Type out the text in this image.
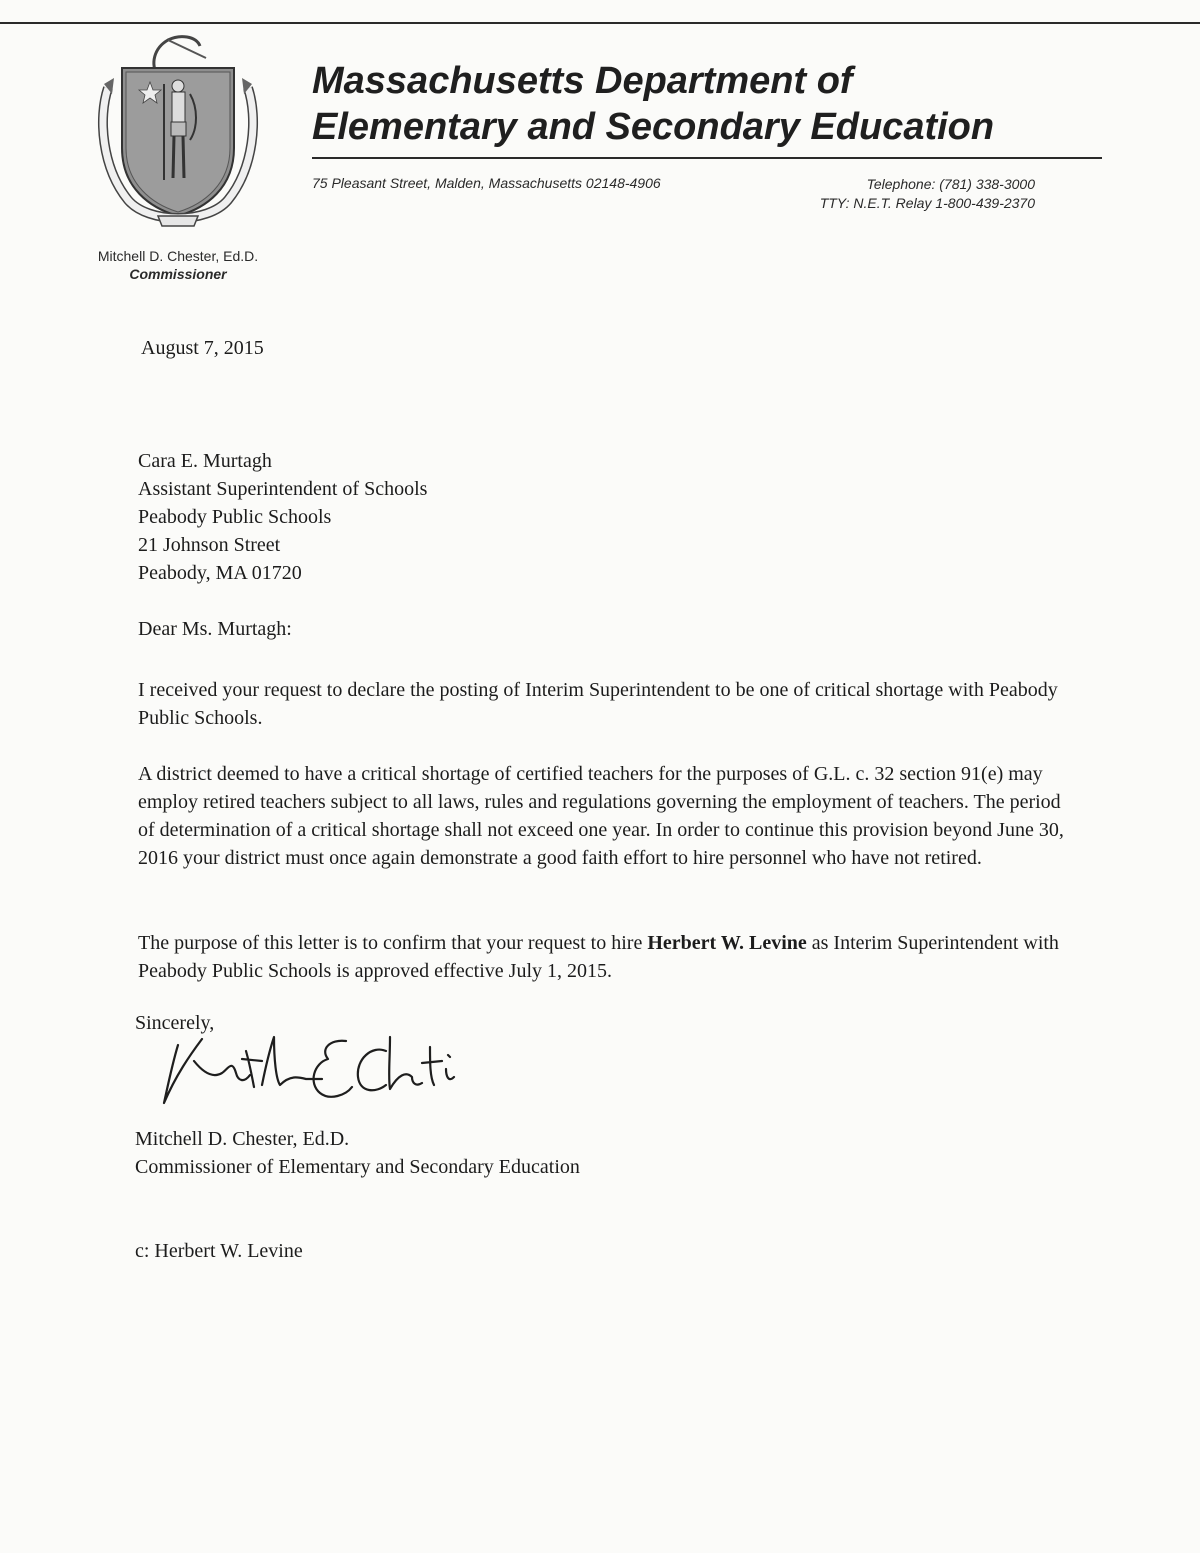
Massachusetts Department of
Elementary and Secondary Education
75 Pleasant Street, Malden, Massachusetts 02148-4906	Telephone: (781) 338-3000
TTY: N.E.T. Relay 1-800-439-2370
Mitchell D. Chester, Ed.D.
Commissioner
August 7, 2015
Cara E. Murtagh
Assistant Superintendent of Schools
Peabody Public Schools
21 Johnson Street
Peabody, MA 01720
Dear Ms. Murtagh:

I received your request to declare the posting of Interim Superintendent to be one of critical shortage with Peabody Public Schools.

A district deemed to have a critical shortage of certified teachers for the purposes of G.L. c. 32 section 91(e) may employ retired teachers subject to all laws, rules and regulations governing the employment of teachers. The period of determination of a critical shortage shall not exceed one year. In order to continue this provision beyond June 30, 2016 your district must once again demonstrate a good faith effort to hire personnel who have not retired.

The purpose of this letter is to confirm that your request to hire Herbert W. Levine as Interim Superintendent with Peabody Public Schools is approved effective July 1, 2015.

Sincerely,
Mitchell D. Chester, Ed.D.
Commissioner of Elementary and Secondary Education
c: Herbert W. Levine
